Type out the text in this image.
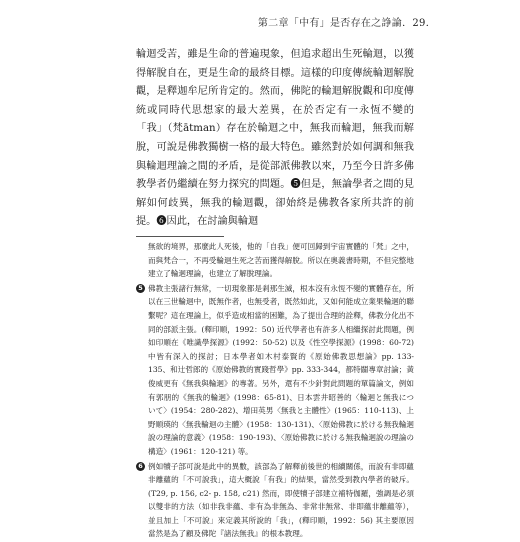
第二章「中有」是否存在之諍論．29．

輪迴受苦，雖是生命的普遍現象，但追求超出生死輪迴，以獲得解脫自在，更是生命的最終目標。這樣的印度傳統輪迴解脫觀，是釋迦牟尼所肯定的。然而，佛陀的輪迴解脫觀和印度傳統或同時代思想家的最大差異，在於否定有一永恆不變的「我」（梵ātman）存在於輪迴之中，無我而輪迴，無我而解脫，可說是佛教獨樹一格的最大特色。雖然對於如何調和無我與輪迴理論之間的矛盾，是從部派佛教以來，乃至今日許多佛教學者仍繼續在努力探究的問題。❺但是，無論學者之間的見解如何歧異，無我的輪迴觀，卻始終是佛教各家所共許的前提。❻因此，在討論與輪迴

無欲的境界，那麼此人死後，他的「自我」便可回歸到宇宙實體的「梵」之中，而與梵合一，不再受輪迴生死之苦而獲得解脫。所以在奧義書時期，不但完整地建立了輪迴理論，也建立了解脫理論。

5 佛教主張諸行無常，一切現象都是剎那生滅，根本沒有永恆不變的實體存在，所以在三世輪迴中，既無作者，也無受者，既然如此，又如何能成立業果輪迴的聯繫呢？這在理論上，似乎造成相當的困難，為了提出合理的詮釋，佛教分化出不同的部派主張。(釋印順，1992：50) 近代學者也有許多人相繼探討此問題，例如印順在《唯識學探源》(1992：50-52) 以及《性空學探源》(1998：60-72) 中皆有深入的探討；日本學者如木村泰賢的《原始佛教思想論》pp. 133-135、和辻哲郎的《原始佛教的實踐哲學》pp. 333-344，都特闢專章討論；黃俊威更有《無我與輪迴》的專著。另外，還有不少針對此問題的單篇論文，例如有郭朋的《無我的輪迴》(1998：65-81)、日本雲井昭善的〈輪迴と無我について〉(1954：280-282)、增田英男〈無我と主體性〉(1965：110-113)、上野順瑛的〈無我輪迴の主體〉(1958：130-131)、〈原始佛教に於ける無我輪迴說の理論的意義〉(1958：190-193)、〈原始佛教に於ける無我輪迴說の理論の構造〉(1961：120-121) 等。

6 例如犢子部可說是此中的異數，該部為了解釋前後世的相續關係，而說有非即蘊非離蘊的「不可說我」，這大概說「有我」的結果，當然受到教內學者的破斥。(T29, p. 156, c2- p. 158, c21) 然而，即使犢子部建立補特伽羅，強調是必須以雙非的方法（如非我非蘊、非有為非無為、非常非無常、非即蘊非離蘊等），並且加上「不可說」來定義其所說的「我」，(釋印順，1992：56) 其主要原因當然是為了顧及佛陀『諸法無我』的根本教理。
